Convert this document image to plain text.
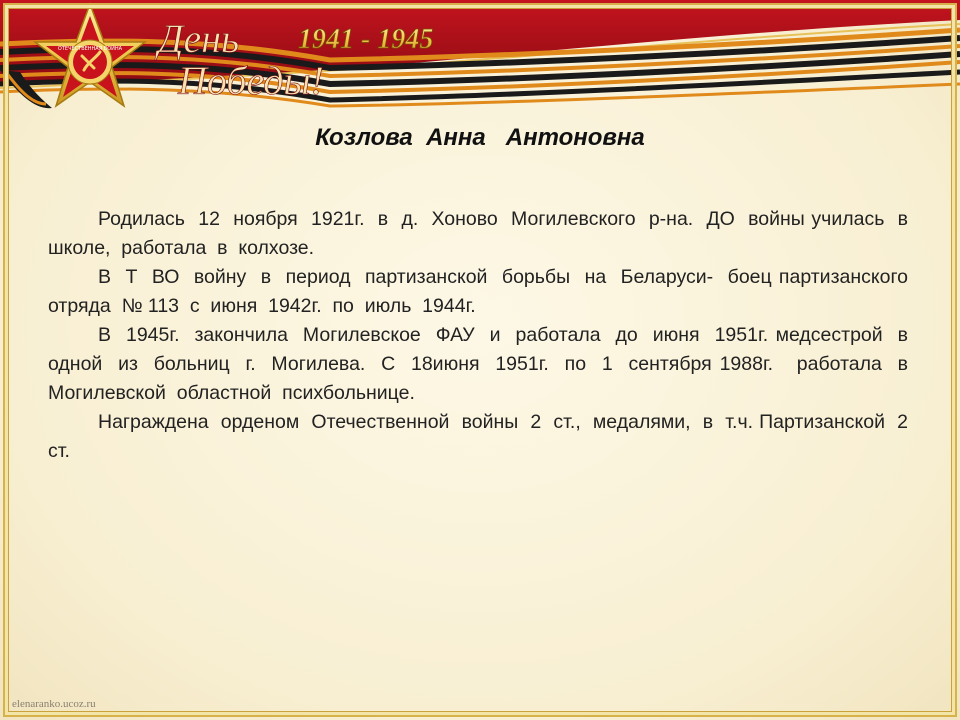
ОТЕЧЕСТВЕННАЯ ВОЙНА День
Победы!
1941 - 1945
Козлова  Анна   Антоновна

Родилась  12  ноября  1921г.  в  д.  Хоново  Могилевского  р-на.  ДО  войны училась  в  школе,  работала  в  колхозе.

В  Т  ВО  войну  в  период  партизанской  борьбы  на  Беларуси-  боец партизанского  отряда  № 113  с  июня  1942г.  по  июль  1944г.

В  1945г.  закончила  Могилевское  ФАУ  и  работала  до  июня  1951г. медсестрой  в  одной  из  больниц  г.  Могилева.  С  18июня  1951г.  по  1  сентября 1988г.   работала  в  Могилевской  областной  психбольнице.

Награждена  орденом  Отечественной  войны  2  ст.,  медалями,  в  т.ч. Партизанской  2  ст.

elenaranko.ucoz.ru
